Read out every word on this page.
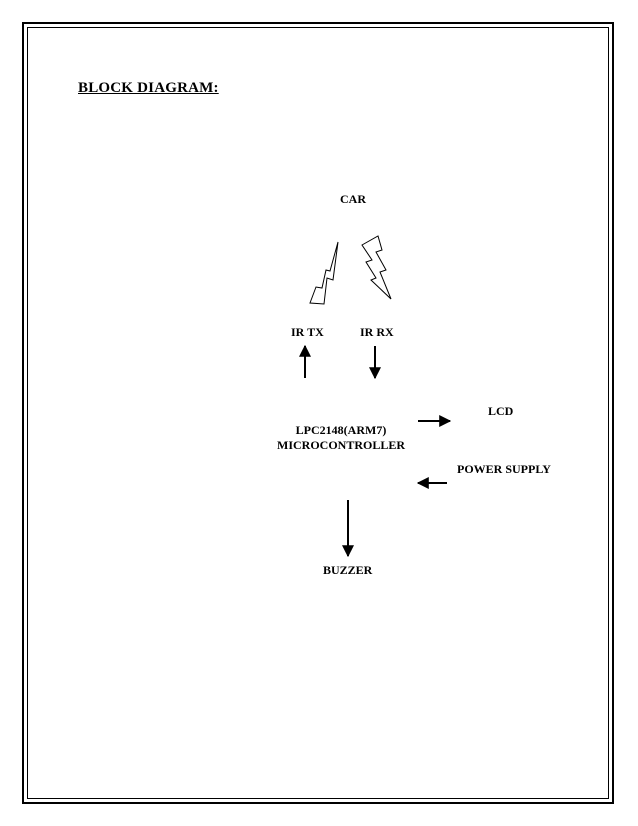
BLOCK DIAGRAM:
CAR
IR TX	IR RX
LPC2148(ARM7)
MICROCONTROLLER
LCD
POWER SUPPLY
BUZZER
